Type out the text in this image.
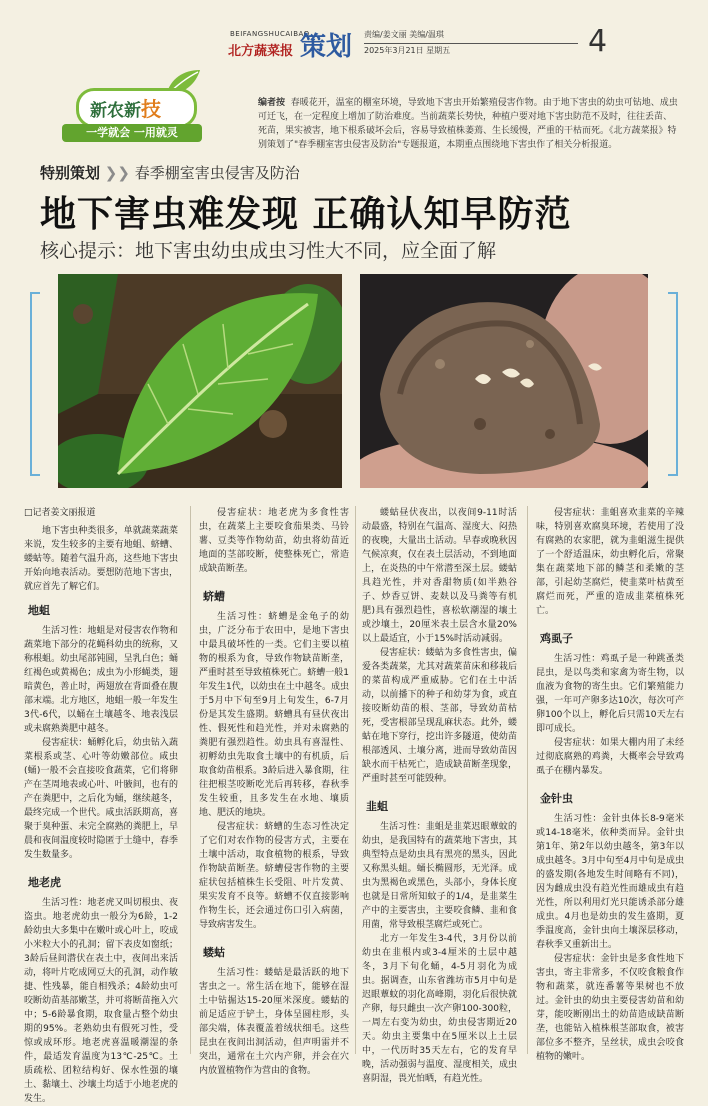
BEIFANGSHUCAIBAO
北方蔬菜报 策划 责编/姜文丽 美编/温琪
2025年3月21日 星期五	4
新农新技
一学就会 一用就灵
编者按 春暖花开，温室的棚室环境，导致地下害虫开始繁殖侵害作物。由于地下害虫的幼虫可钻地、成虫可迁飞，在一定程度上增加了防治难度。当前蔬菜长势快，种植户要对地下害虫防范不及时，往往丢苗、死苗，果实被害，地下根系破坏会后，容易导致植株萎蔫、生长缓慢，严重的干枯而死。《北方蔬菜报》特别策划了"春季棚室害虫侵害及防治"专题报道，本期重点围绕地下害虫作了相关分析报道。
特别策划 ❯❯ 春季棚室害虫侵害及防治
地下害虫难发现 正确认知早防范
核心提示：地下害虫幼虫成虫习性大不同，应全面了解

□记者姜文丽报道

地下害虫种类很多，单就蔬菜蔬菜来说，发生较多的主要有地蛆、蛴螬、蝼蛄等。随着气温升高，这些地下害虫开始向地表活动。要想防范地下害虫，就应首先了解它们。

地蛆

生活习性：地蛆是对侵害农作物和蔬菜地下部分的花蝇科幼虫的统称，又称根蛆。幼虫尾部钝圆，呈乳白色；蛹红褐色或黄褐色；成虫为小形蝇类，翅暗黄色，善止时，两翅放在背面叠在腹部末端。北方地区，地蛆一般一年发生3代-6代，以蛹在土壤越冬、地表浅层或未腐熟粪肥中越冬。

侵害症状：蛹孵化后，幼虫钻入蔬菜根系或茎、心叶等幼嫩部位。咸虫(蛹)一般不会直接咬食蔬菜，它们将卵产在茎周地表或心叶、叶腋间，也有的产在粪肥中，之后化为蛹，继续越冬，最终完成一个世代。咸虫活跃期高，喜聚于臭种蛋、未完全腐熟的粪肥上，早晨和夜间温度较时隐匿于土缝中，春季发生数量多。

地老虎

生活习性：地老虎又叫切根虫、夜盗虫。地老虎幼虫一般分为6龄，1-2龄幼虫大多集中在嫩叶或心叶上，咬成小米粒大小的孔洞；留下表皮如窗纸；3龄后昼间潜伏在表土中，夜间出来活动，将叶片吃成网豆大的孔洞，动作敏捷、性残暴，能自相残杀；4龄幼虫可咬断幼苗基部嫩茎，并可将断苗拖入穴中；5-6龄暴食期，取食量占整个幼虫期的95%。老熟幼虫有假死习性，受惊或成环形。地老虎喜温暖潮湿的条件，最适发育温度为13℃-25℃。土质疏松、团粒结构好、保水性强的壤土、黏壤土、沙壤土均适于小地老虎的发生。

侵害症状：地老虎为多食性害虫，在蔬菜上主要咬食茄果类、马铃薯、豆类等作物幼苗，幼虫将幼苗近地面的茎部咬断，使整株死亡，常造成缺苗断垄。

蛴螬

生活习性：蛴螬是金龟子的幼虫，广泛分布于农田中，是地下害虫中最具破坏性的一类。它们主要以植物的根系为食，导致作物缺苗断垄，严重时甚至导致植株死亡。蛴螬一般1年发生1代，以幼虫在土中越冬。成虫于5月中下旬至9月上旬发生，6-7月份是其发生盛期。蛴螬具有昼伏夜出性、假死性和趋光性，并对未腐熟的粪肥有强烈趋性。幼虫具有喜湿性、初孵幼虫先取食土壤中的有机质，后取食幼苗根系。3龄后进入暴食期，往往把根茎咬断吃光后再转移，春秋季发生较重，且多发生在水地、壤质地、肥沃的地块。

侵害症状：蛴螬的生态习性决定了它们对农作物的侵害方式，主要在土壤中活动，取食植物的根系，导致作物缺苗断垄。蛴螬侵害作物的主要症状包括植株生长受阻、叶片发黄、果实发育不良等。蛴螬不仅直接影响作物生长，还会通过伤口引入病菌，导致病害发生。

蝼蛄

生活习性：蝼蛄是最活跃的地下害虫之一。常生活在地下，能够在湿土中钻掘达15-20厘米深度。蝼蛄的前足适应于铲土，身体呈圆柱形，头部尖端，体表覆盖着绒状细毛。这些昆虫在夜间出洞活动，但声明雷并不突出，通常在土穴内产卵，并会在穴内放置植物作为营由的食物。

蝼蛄昼伏夜出，以夜间9-11时活动最盛，特别在气温高、湿度大、闷热的夜晚，大量出土活动。早春或晚秋因气候凉爽，仅在表土层活动，不到地面上，在炎热的中午常潜至深土层。蝼蛄具趋光性，并对香甜物质(如半熟谷子、炒香豆饼、麦麸以及马粪等有机肥)具有强烈趋性，喜松软潮湿的壤土或沙壤土，20厘米表土层含水量20%以上最适宜，小于15%时活动减弱。

侵害症状：蝼蛄为多食性害虫，偏爱各类蔬菜，尤其对蔬菜苗床和移栽后的菜苗构成严重威胁。它们在土中活动，以前播下的种子和幼芽为食，或直接咬断幼苗的根、茎部，导致幼苗枯死，受害根部呈现乱麻状态。此外，蝼蛄在地下穿行，挖出许多隧道，使幼苗根部透风、土壤分离，进而导致幼苗因缺水而干枯死亡，造成缺苗断垄现象，严重时甚至可能毁种。

韭蛆

生活习性：韭蛆是韭菜迟眼蕈蚊的幼虫，是我国特有的蔬菜地下害虫，其典型特点是幼虫具有黑亮的黑头，因此又称黑头蛆。蛹长椭圆形，无光泽。成虫为黑褐色或黑色，头部小，身体长度也就是日常所知蚊子的1/4，是韭菜生产中的主要害虫，主要咬食鳞、韭和食用菌，常导致根茎腐烂或死亡。

北方一年发生3-4代，3月份以前幼虫在韭根内或3-4厘米的土层中越冬，3月下旬化蛹，4-5月羽化为成虫。据调查，山东省潍坊市5月中旬是迟眼蕈蚊的羽化高峰期，羽化后很快就产卵，每只雌虫一次产卵100-300粒，一周左右变为幼虫，幼虫侵害期近20天。幼虫主要集中在5厘米以上土层中，一代历时35天左右，它的发育早晚，活动强弱与温度、湿度相关，成虫喜阴湿，畏光怕晒，有趋光性。

侵害症状：韭蛆喜欢韭菜的辛辣味，特别喜欢腐臭环境，若使用了没有腐熟的农家肥，就为韭蛆滋生提供了一个舒适温床，幼虫孵化后，常聚集在蔬菜地下部的鳞茎和柔嫩的茎部，引起幼茎腐烂，使韭菜叶枯黄至腐烂而死，严重的造成韭菜植株死亡。

鸡虱子

生活习性：鸡虱子是一种跳蚤类昆虫，是以鸟类和家禽为寄生物，以血液为食物的寄生虫。它们繁殖能力强，一年可产卵多达10次，每次可产卵100个以上，孵化后只需10天左右即可成长。

侵害症状：如果大棚内用了未经过彻底腐熟的鸡粪，大概率会导致鸡虱子在棚内暴发。

金针虫

生活习性：金针虫体长8-9毫米或14-18毫米，依种类而异。金针虫第1年、第2年以幼虫越冬，第3年以成虫越冬。3月中旬至4月中旬是成虫的盛发期(各地发生时间略有不同)，因为雌成虫没有趋光性而雄成虫有趋光性，所以利用灯光只能诱杀部分雄成虫。4月也是幼虫的发生盛期，夏季温度高，金针虫向土壤深层移动，春秋季又重新出土。

侵害症状：金针虫是多食性地下害虫，寄主非常多，不仅咬食粮食作物和蔬菜，就连番薯等果树也不放过。金针虫的幼虫主要侵害幼苗和幼芽，能咬断刚出土的幼苗造成缺苗断垄，也能钻入植株根茎部取食，被害部位多不整齐，呈丝状，成虫会咬食植物的嫩叶。
